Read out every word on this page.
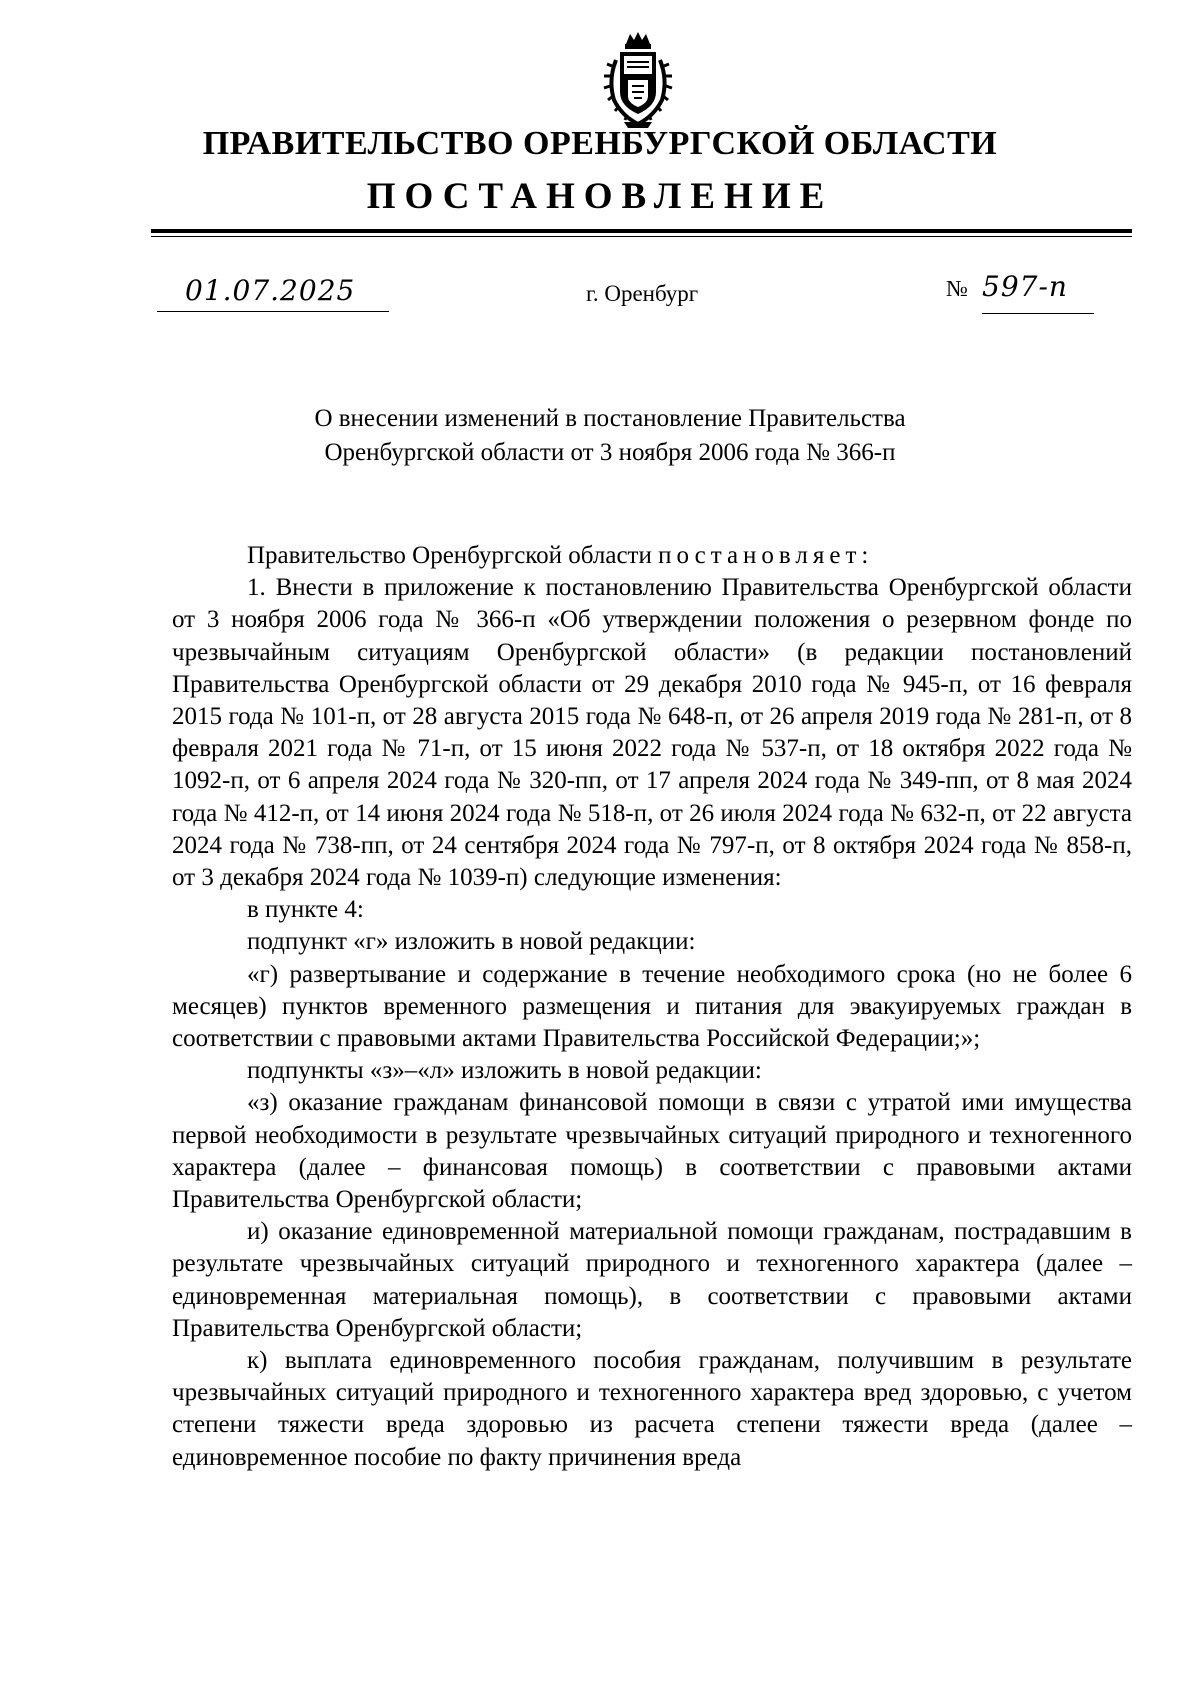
ПРАВИТЕЛЬСТВО ОРЕНБУРГСКОЙ ОБЛАСТИ
ПОСТАНОВЛЕНИЕ
01.07.2025	г. Оренбург	№ 597-п
О внесении изменений в постановление Правительства
Оренбургской области от 3 ноября 2006 года № 366-п

Правительство Оренбургской области постановляет:

1. Внести в приложение к постановлению Правительства Оренбургской области от 3 ноября 2006 года № 366-п «Об утверждении положения о резервном фонде по чрезвычайным ситуациям Оренбургской области» (в редакции постановлений Правительства Оренбургской области от 29 декабря 2010 года № 945-п, от 16 февраля 2015 года № 101-п, от 28 августа 2015 года № 648-п, от 26 апреля 2019 года № 281-п, от 8 февраля 2021 года № 71-п, от 15 июня 2022 года № 537-п, от 18 октября 2022 года № 1092-п, от 6 апреля 2024 года № 320-пп, от 17 апреля 2024 года № 349-пп, от 8 мая 2024 года № 412-п, от 14 июня 2024 года № 518-п, от 26 июля 2024 года № 632-п, от 22 августа 2024 года № 738-пп, от 24 сентября 2024 года № 797-п, от 8 октября 2024 года № 858-п, от 3 декабря 2024 года № 1039-п) следующие изменения:

в пункте 4:

подпункт «г» изложить в новой редакции:

«г) развертывание и содержание в течение необходимого срока (но не более 6 месяцев) пунктов временного размещения и питания для эвакуируемых граждан в соответствии с правовыми актами Правительства Российской Федерации;»;

подпункты «з»–«л» изложить в новой редакции:

«з) оказание гражданам финансовой помощи в связи с утратой ими имущества первой необходимости в результате чрезвычайных ситуаций природного и техногенного характера (далее – финансовая помощь) в соответствии с правовыми актами Правительства Оренбургской области;

и) оказание единовременной материальной помощи гражданам, пострадавшим в результате чрезвычайных ситуаций природного и техногенного характера (далее – единовременная материальная помощь), в соответствии с правовыми актами Правительства Оренбургской области;

к) выплата единовременного пособия гражданам, получившим в результате чрезвычайных ситуаций природного и техногенного характера вред здоровью, с учетом степени тяжести вреда здоровью из расчета степени тяжести вреда (далее – единовременное пособие по факту причинения вреда
